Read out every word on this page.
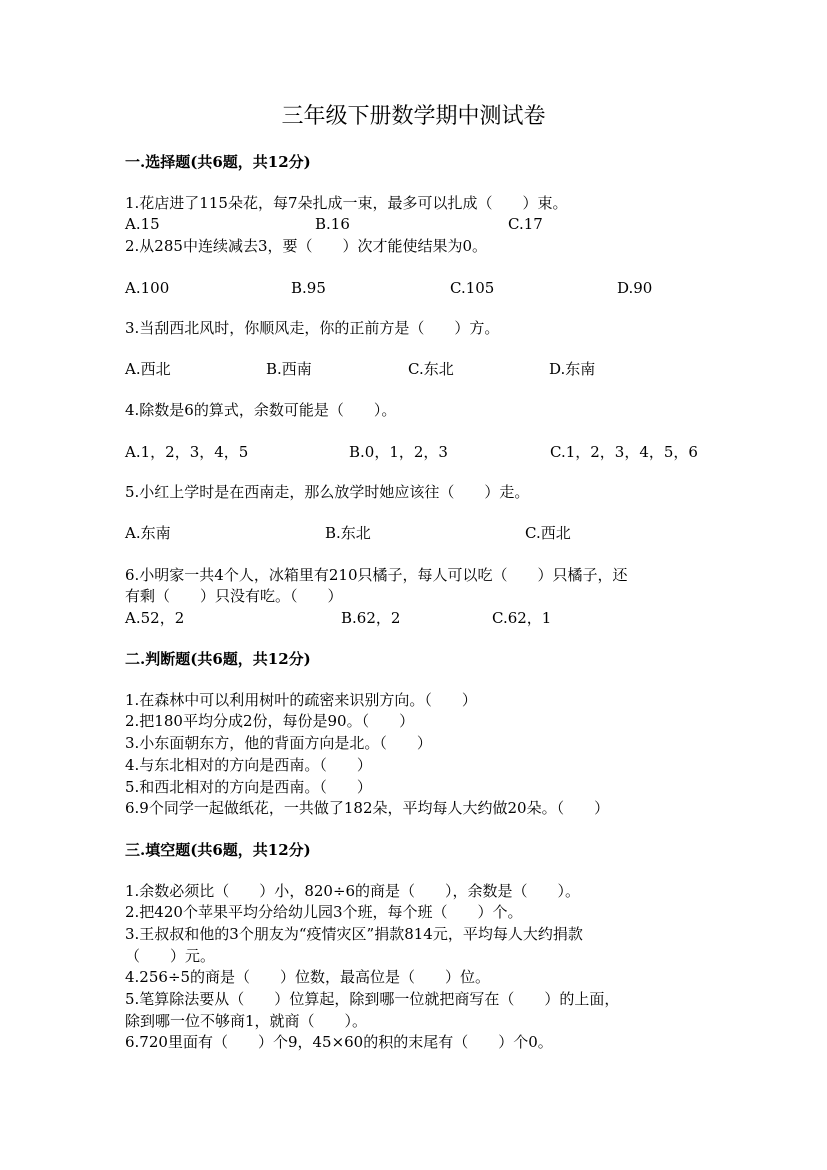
三年级下册数学期中测试卷
一.选择题(共6题，共12分)
1.花店进了115朵花，每7朵扎成一束，最多可以扎成（　　）束。
A.15	B.16	C.17
2.从285中连续减去3，要（　　）次才能使结果为0。
A.100	B.95	C.105	D.90
3.当刮西北风时，你顺风走，你的正前方是（　　）方。
A.西北	B.西南	C.东北	D.东南
4.除数是6的算式，余数可能是（　　）。
A.1，2，3，4，5	B.0，1，2，3	C.1，2，3，4，5，6
5.小红上学时是在西南走，那么放学时她应该往（　　）走。
A.东南	B.东北	C.西北
6.小明家一共4个人，冰箱里有210只橘子，每人可以吃（　　）只橘子，还
有剩（　　）只没有吃。（　　）
A.52，2	B.62，2	C.62，1
二.判断题(共6题，共12分)
1.在森林中可以利用树叶的疏密来识别方向。（　　）
2.把180平均分成2份，每份是90。（　　）
3.小东面朝东方，他的背面方向是北。（　　）
4.与东北相对的方向是西南。（　　）
5.和西北相对的方向是西南。（　　）
6.9个同学一起做纸花，一共做了182朵，平均每人大约做20朵。（　　）
三.填空题(共6题，共12分)
1.余数必须比（　　）小，820÷6的商是（　　），余数是（　　）。
2.把420个苹果平均分给幼儿园3个班，每个班（　　）个。
3.王叔叔和他的3个朋友为“疫情灾区”捐款814元，平均每人大约捐款
（　　）元。
4.256÷5的商是（　　）位数，最高位是（　　）位。
5.笔算除法要从（　　）位算起，除到哪一位就把商写在（　　）的上面，
除到哪一位不够商1，就商（　　）。
6.720里面有（　　）个9，45×60的积的末尾有（　　）个0。
